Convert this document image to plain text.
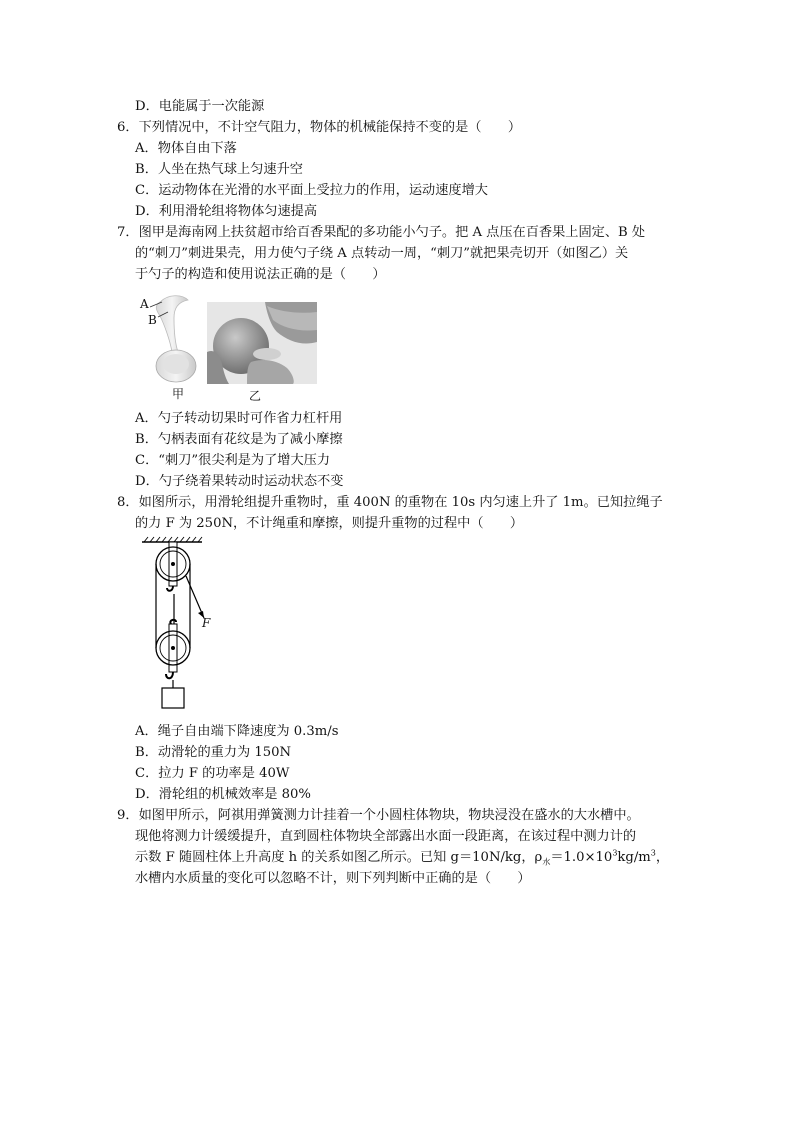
D．电能属于一次能源
6．下列情况中，不计空气阻力，物体的机械能保持不变的是（　　）
A．物体自由下落
B．人坐在热气球上匀速升空
C．运动物体在光滑的水平面上受拉力的作用，运动速度增大
D．利用滑轮组将物体匀速提高
7．图甲是海南网上扶贫超市给百香果配的多功能小勺子。把 A 点压在百香果上固定、B 处
的“刺刀”刺进果壳，用力使勺子绕 A 点转动一周，“刺刀”就把果壳切开（如图乙）关
于勺子的构造和使用说法正确的是（　　）
A
B
甲	乙
A．勺子转动切果时可作省力杠杆用
B．勺柄表面有花纹是为了减小摩擦
C．“刺刀”很尖利是为了增大压力
D．勺子绕着果转动时运动状态不变
8．如图所示，用滑轮组提升重物时，重 400N 的重物在 10s 内匀速上升了 1m。已知拉绳子
的力 F 为 250N，不计绳重和摩擦，则提升重物的过程中（　　）
F
A．绳子自由端下降速度为 0.3m/s
B．动滑轮的重力为 150N
C．拉力 F 的功率是 40W
D．滑轮组的机械效率是 80%
9．如图甲所示，阿祺用弹簧测力计挂着一个小圆柱体物块，物块浸没在盛水的大水槽中。
现他将测力计缓缓提升，直到圆柱体物块全部露出水面一段距离，在该过程中测力计的
示数 F 随圆柱体上升高度 h 的关系如图乙所示。已知 g＝10N/kg，$\rho_水=1.0\times 10^3kg/m^3$，
水槽内水质量的变化可以忽略不计，则下列判断中正确的是（　　）
